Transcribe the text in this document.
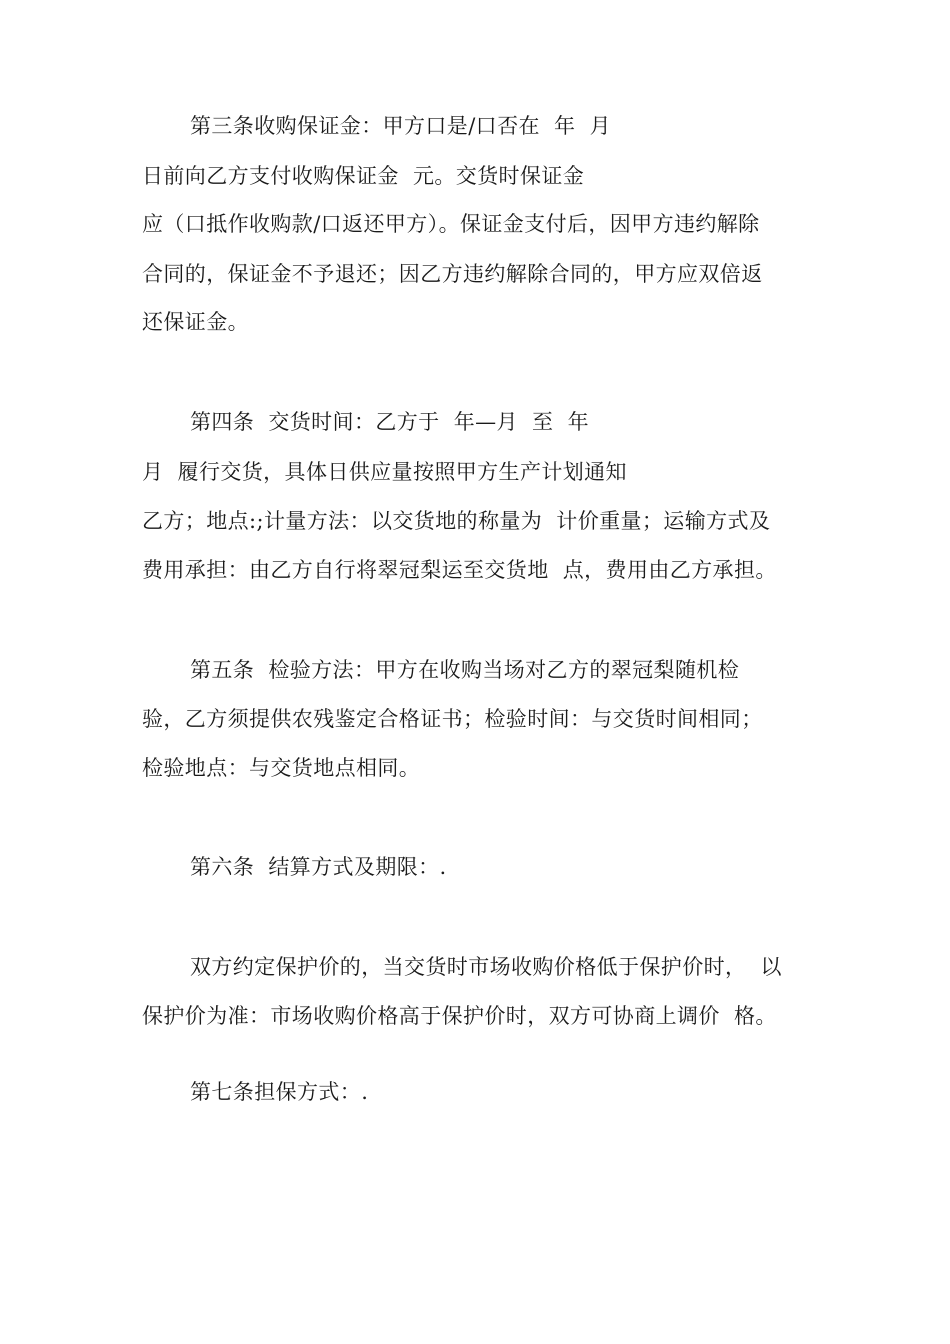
第三条收购保证金：甲方口是/口否在  年  月
日前向乙方支付收购保证金  元。交货时保证金
应（口抵作收购款/口返还甲方）。保证金支付后，因甲方违约解除
合同的，保证金不予退还；因乙方违约解除合同的，甲方应双倍返
还保证金。
第四条  交货时间：乙方于  年—月  至  年
月  履行交货，具体日供应量按照甲方生产计划通知
乙方；地点:;计量方法：以交货地的称量为  计价重量；运输方式及
费用承担：由乙方自行将翠冠梨运至交货地  点，费用由乙方承担。
第五条  检验方法：甲方在收购当场对乙方的翠冠梨随机检
验，乙方须提供农残鉴定合格证书；检验时间：与交货时间相同；
检验地点：与交货地点相同。
第六条  结算方式及期限：.
双方约定保护价的，当交货时市场收购价格低于保护价时，  以
保护价为准：市场收购价格高于保护价时，双方可协商上调价  格。
第七条担保方式：.
